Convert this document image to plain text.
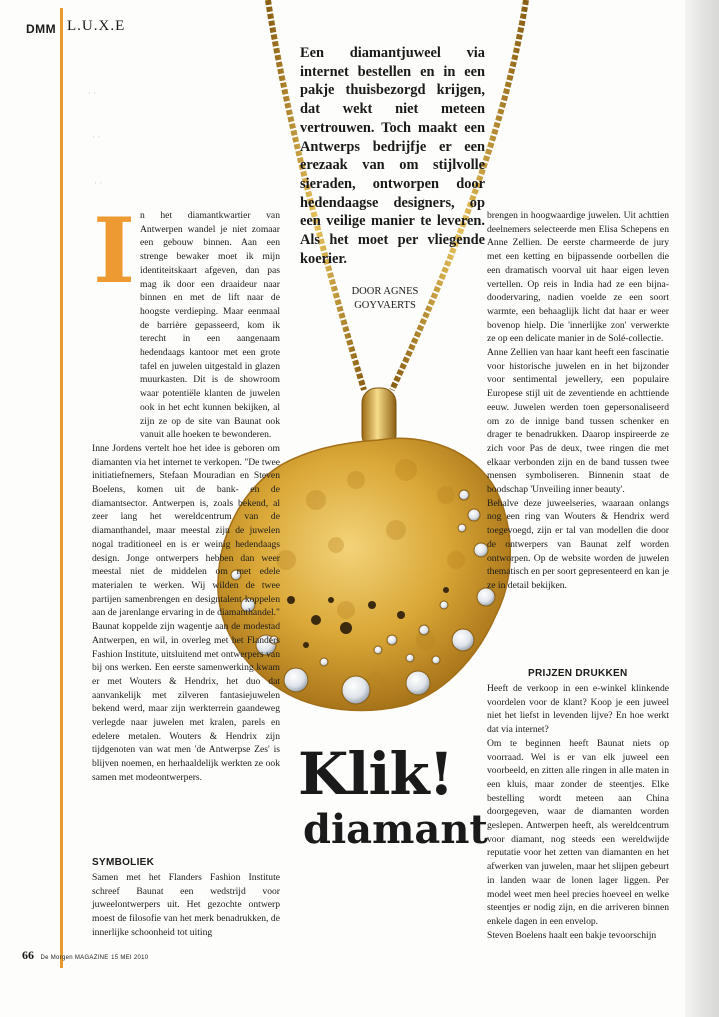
DMM L.U.X.E
· ·
· ·
· ·
Een diamantjuweel via internet bestellen en in een pakje thuisbezorgd krijgen, dat wekt niet meteen vertrouwen. Toch maakt een Antwerps bedrijfje er een erezaak van om stijlvolle sieraden, ontworpen door hedendaagse designers, op een veilige manier te leveren. Als het moet per vliegende koerier.
DOOR AGNES
GOYVAERTS
I n het diamantkwartier van Antwerpen wandel je niet zomaar een gebouw binnen. Aan een strenge bewaker moet ik mijn identiteitskaart afgeven, dan pas mag ik door een draaideur naar binnen en met de lift naar de hoogste verdieping. Maar eenmaal de barrière gepasseerd, kom ik terecht in een aangenaam hedendaags kantoor met een grote tafel en juwelen uitgestald in glazen muurkasten. Dit is de showroom waar potentiële klanten de juwelen ook in het echt kunnen bekijken, al zijn ze op de site van Baunat ook vanuit alle hoeken te bewonderen.

Inne Jordens vertelt hoe het idee is geboren om diamanten via het internet te verkopen. "De twee initiatiefnemers, Stefaan Mouradian en Steven Boelens, komen uit de bank- en de diamantsector. Antwerpen is, zoals bekend, al zeer lang het wereldcentrum van de diamanthandel, maar meestal zijn de juwelen nogal traditioneel en is er weinig hedendaags design. Jonge ontwerpers hebben dan weer meestal niet de middelen om met edele materialen te werken. Wij wilden de twee partijen samenbrengen en designtalent koppelen aan de jarenlange ervaring in de diamanthandel."

Baunat koppelde zijn wagentje aan de modestad Antwerpen, en wil, in overleg met het Flanders Fashion Institute, uitsluitend met ontwerpers van bij ons werken. Een eerste samenwerking kwam er met Wouters & Hendrix, het duo dat aanvankelijk met zilveren fantasiejuwelen bekend werd, maar zijn werkterrein gaandeweg verlegde naar juwelen met kralen, parels en edelere metalen. Wouters & Hendrix zijn tijdgenoten van wat men 'de Antwerpse Zes' is blijven noemen, en herhaaldelijk werkten ze ook samen met modeontwerpers.

SYMBOLIEK

Samen met het Flanders Fashion Institute schreef Baunat een wedstrijd voor juweelontwerpers uit. Het gezochte ontwerp moest de filosofie van het merk benadrukken, de innerlijke schoonheid tot uiting

brengen in hoogwaardige juwelen. Uit achttien deelnemers selecteerde men Elisa Schepens en Anne Zellien. De eerste charmeerde de jury met een ketting en bijpassende oorbellen die een dramatisch voorval uit haar eigen leven vertellen. Op reis in India had ze een bijna-doodervaring, nadien voelde ze een soort warmte, een behaaglijk licht dat haar er weer bovenop hielp. Die 'innerlijke zon' verwerkte ze op een delicate manier in de Solé-collectie.

Anne Zellien van haar kant heeft een fascinatie voor historische juwelen en in het bijzonder voor sentimental jewellery, een populaire Europese stijl uit de zeventiende en achttiende eeuw. Juwelen werden toen gepersonaliseerd om zo de innige band tussen schenker en drager te benadrukken. Daarop inspireerde ze zich voor Pas de deux, twee ringen die met elkaar verbonden zijn en de band tussen twee mensen symboliseren. Binnenin staat de boodschap 'Unveiling inner beauty'.

Behalve deze juweelseries, waaraan onlangs nog een ring van Wouters & Hendrix werd toegevoegd, zijn er tal van modellen die door de ontwerpers van Baunat zelf worden ontworpen. Op de website worden de juwelen thematisch en per soort gepresenteerd en kan je ze in detail bekijken.

PRIJZEN DRUKKEN

Heeft de verkoop in een e-winkel klinkende voordelen voor de klant? Koop je een juweel niet het liefst in levenden lijve? En hoe werkt dat via internet?

Om te beginnen heeft Baunat niets op voorraad. Wel is er van elk juweel een voorbeeld, en zitten alle ringen in alle maten in een kluis, maar zonder de steentjes. Elke bestelling wordt meteen aan China doorgegeven, waar de diamanten worden geslepen. Antwerpen heeft, als wereldcentrum voor diamant, nog steeds een wereldwijde reputatie voor het zetten van diamanten en het afwerken van juwelen, maar het slijpen gebeurt in landen waar de lonen lager liggen. Per model weet men heel precies hoeveel en welke steentjes er nodig zijn, en die arriveren binnen enkele dagen in een envelop.

Steven Boelens haalt een bakje tevoorschijn

Klik!
diamant
66 De Morgen MAGAZINE 15 MEI 2010
